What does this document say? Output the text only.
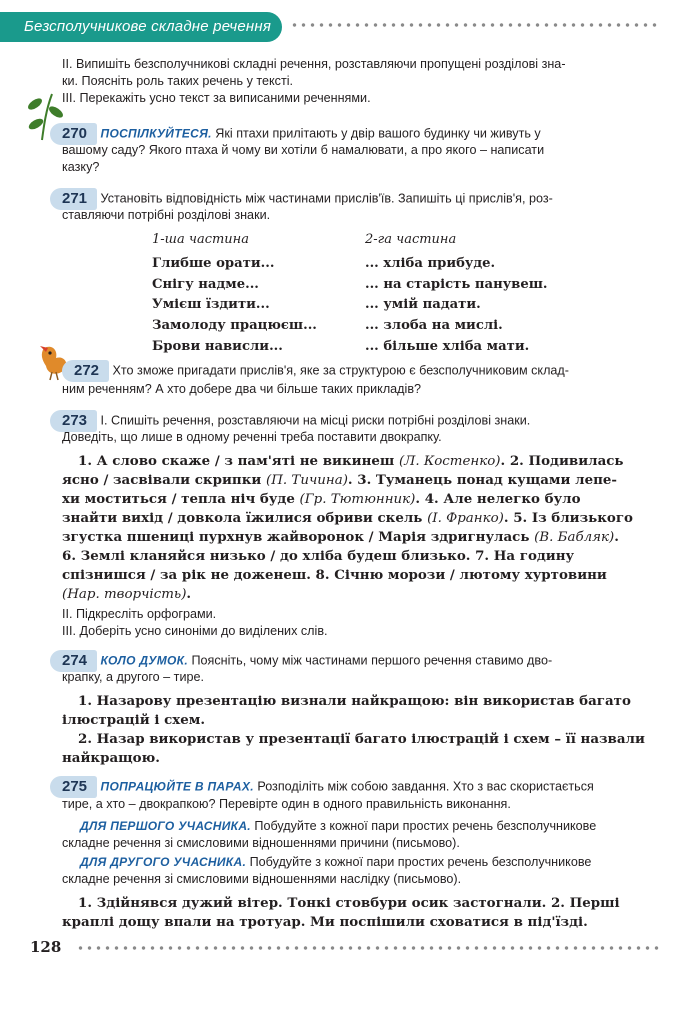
Безсполучникове складне речення
II. Випишіть безсполучникові складні речення, розставляючи пропущені розділові зна-
ки. Поясніть роль таких речень у тексті.
III. Перекажіть усно текст за виписаними реченнями.
270 ПОСПІЛКУЙТЕСЯ. Які птахи прилітають у двір вашого будинку чи живуть у
вашому саду? Якого птаха й чому ви хотіли б намалювати, а про якого – написати
казку?
271 Установіть відповідність між частинами прислів'їв. Запишіть ці прислів'я, роз-
ставляючи потрібні розділові знаки.
1-ша частина	2-га частина
Глибше орати...
Снігу надме...
Умієш їздити...
Замолоду працюєш...
Брови нависли...
... хліба прибуде.
... на старість панувеш.
... умій падати.
... злоба на мислі.
... більше хліба мати.
272 Хто зможе пригадати прислів'я, яке за структурою є безсполучниковим склад-
ним реченням? А хто добере два чи більше таких прикладів?
273 І. Спишіть речення, розставляючи на місці риски потрібні розділові знаки.
Доведіть, що лише в одному реченні треба поставити двокрапку.
1. А слово скаже / з пам'яті не викинеш (Л. Костенко). 2. Подивилась
ясно / засвівали скрипки (П. Тичина). 3. Туманець понад кущами лепе-
хи моститься / тепла ніч буде (Гр. Тютюнник). 4. Але нелегко було
знайти вихід / довкола їжилися обриви скель (І. Франко). 5. Із близького
згустка пшениці пурхнув жайворонок / Марія здригнулась (В. Бабляк).
6. Землі кланяйся низько / до хліба будеш близько. 7. На годину
спізнишся / за рік не доженеш. 8. Січню морози / лютому хуртовини
(Нар. творчість).
II. Підкресліть орфограми.
III. Доберіть усно синоніми до виділених слів.
274 КОЛО ДУМОК. Поясніть, чому між частинами першого речення ставимо дво-
крапку, а другого – тире.
1. Назарову презентацію визнали найкращою: він використав багато
ілюстрацій і схем.
2. Назар використав у презентації багато ілюстрацій і схем – її назвали
найкращою.
275 ПОПРАЦЮЙТЕ В ПАРАХ. Розподіліть між собою завдання. Хто з вас скористається
тире, а хто – двокрапкою? Перевірте один в одного правильність виконання.
ДЛЯ ПЕРШОГО УЧАСНИКА. Побудуйте з кожної пари простих речень безсполучникове
складне речення зі смисловими відношеннями причини (письмово).
ДЛЯ ДРУГОГО УЧАСНИКА. Побудуйте з кожної пари простих речень безсполучникове
складне речення зі смисловими відношеннями наслідку (письмово).
1. Здійнявся дужий вітер. Тонкі стовбури осик застогнали. 2. Перші
краплі дощу впали на тротуар. Ми поспішили сховатися в під'їзді.
128
